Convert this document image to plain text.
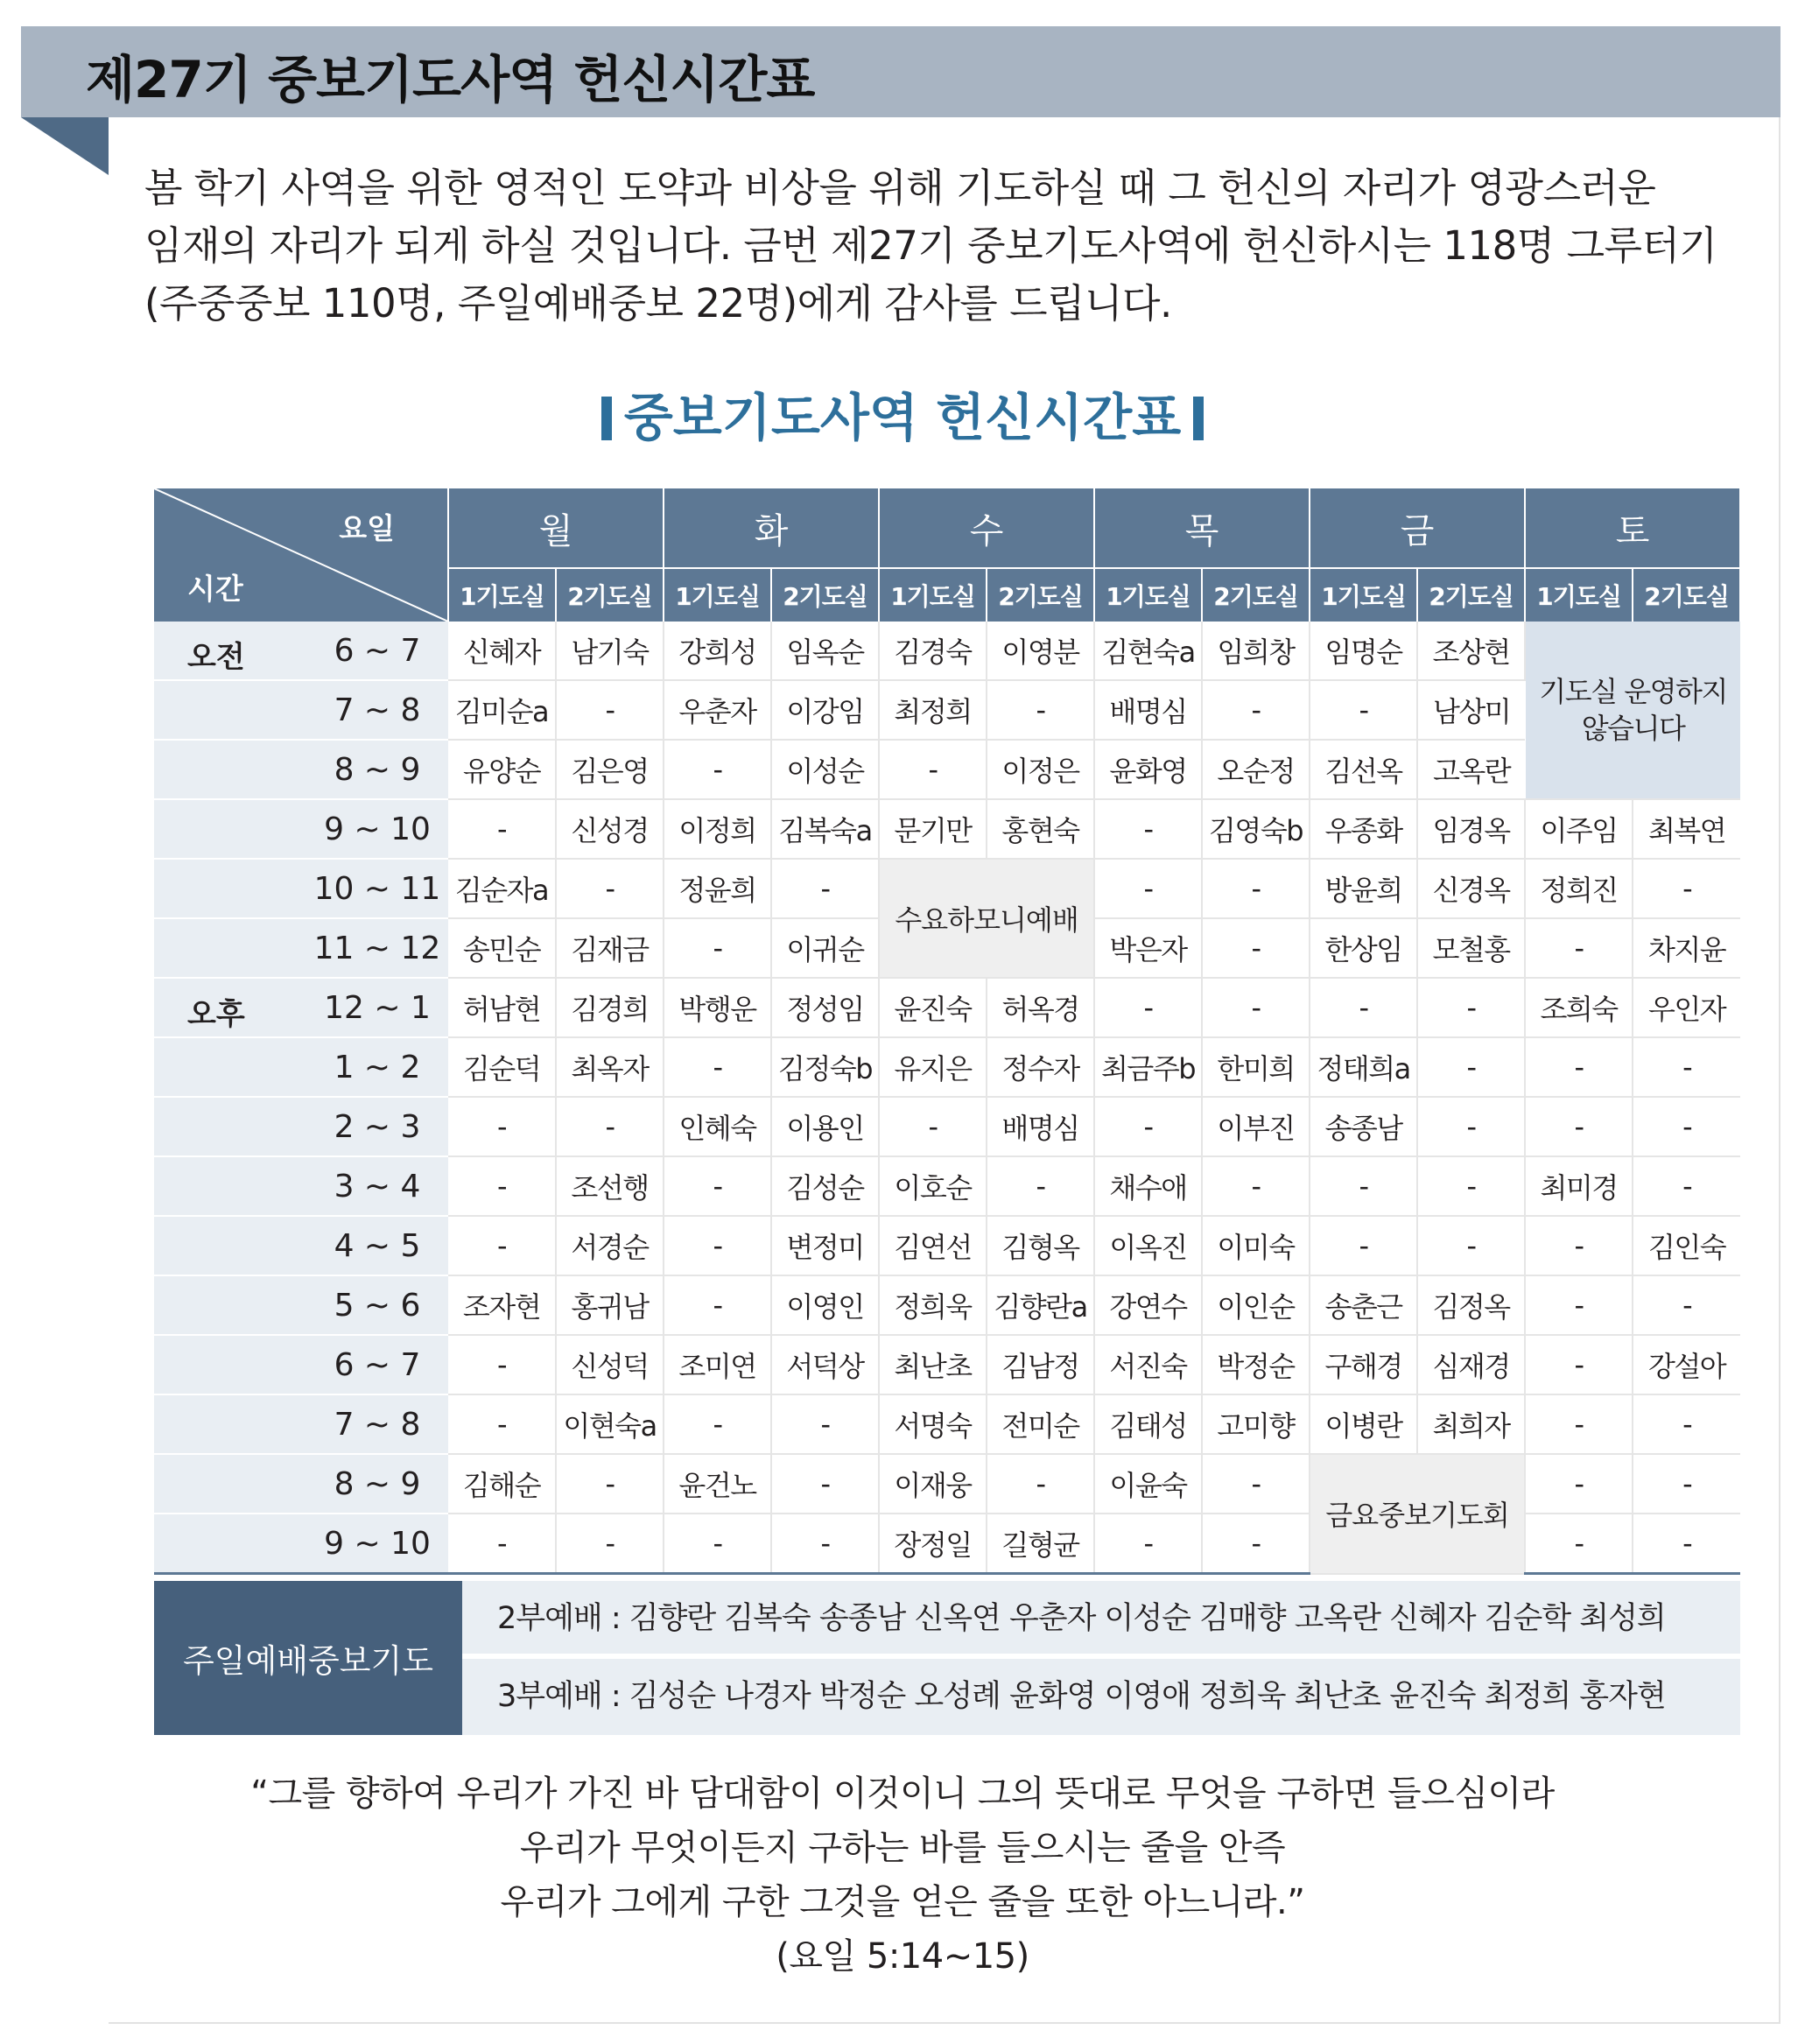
제27기 중보기도사역 헌신시간표
봄 학기 사역을 위한 영적인 도약과 비상을 위해 기도하실 때 그 헌신의 자리가 영광스러운
임재의 자리가 되게 하실 것입니다. 금번 제27기 중보기도사역에 헌신하시는 118명 그루터기
(주중중보 110명, 주일예배중보 22명)에게 감사를 드립니다.
중보기도사역 헌신시간표
요일
시간	월		화		수		목		금		토	
	1기도실	2기도실	1기도실	2기도실	1기도실	2기도실	1기도실	2기도실	1기도실	2기도실	1기도실	2기도실

오전 6 ~ 7	신혜자	남기숙	강희성	임옥순	김경숙	이영분	김현숙a	임희창	임명순	조상현	기도실 운영하지 않습니다	

7 ~ 8	김미순a	-	우춘자	이강임	최정희	-	배명심	-	-	남상미		

8 ~ 9	유양순	김은영	-	이성순	-	이정은	윤화영	오순정	김선옥	고옥란		

9 ~ 10	-	신성경	이정희	김복숙a	문기만	홍현숙	-	김영숙b	우종화	임경옥	이주임	최복연

10 ~ 11	김순자a	-	정윤희	-	수요하모니예배		-	-	방윤희	신경옥	정희진	-

11 ~ 12	송민순	김재금	-	이귀순			박은자	-	한상임	모철홍	-	차지윤

오후 12 ~ 1	허남현	김경희	박행운	정성임	윤진숙	허옥경	-	-	-	-	조희숙	우인자

1 ~ 2	김순덕	최옥자	-	김정숙b	유지은	정수자	최금주b	한미희	정태희a	-	-	-

2 ~ 3	-	-	인혜숙	이용인	-	배명심	-	이부진	송종남	-	-	-

3 ~ 4	-	조선행	-	김성순	이호순	-	채수애	-	-	-	최미경	-

4 ~ 5	-	서경순	-	변정미	김연선	김형옥	이옥진	이미숙	-	-	-	김인숙

5 ~ 6	조자현	홍귀남	-	이영인	정희욱	김향란a	강연수	이인순	송춘근	김정옥	-	-

6 ~ 7	-	신성덕	조미연	서덕상	최난초	김남정	서진숙	박정순	구해경	심재경	-	강설아

7 ~ 8	-	이현숙a	-	-	서명숙	전미순	김태성	고미향	이병란	최희자	-	-

8 ~ 9	김해순	-	윤건노	-	이재웅	-	이윤숙	-	금요중보기도회		-	-

9 ~ 10	-	-	-	-	장정일	길형균	-	-			-	-
주일예배중보기도
2부예배 : 김향란 김복숙 송종남 신옥연 우춘자 이성순 김매향 고옥란 신혜자 김순학 최성희
3부예배 : 김성순 나경자 박정순 오성례 윤화영 이영애 정희욱 최난초 윤진숙 최정희 홍자현
“그를 향하여 우리가 가진 바 담대함이 이것이니 그의 뜻대로 무엇을 구하면 들으심이라
우리가 무엇이든지 구하는 바를 들으시는 줄을 안즉
우리가 그에게 구한 그것을 얻은 줄을 또한 아느니라.”
(요일 5:14~15)
